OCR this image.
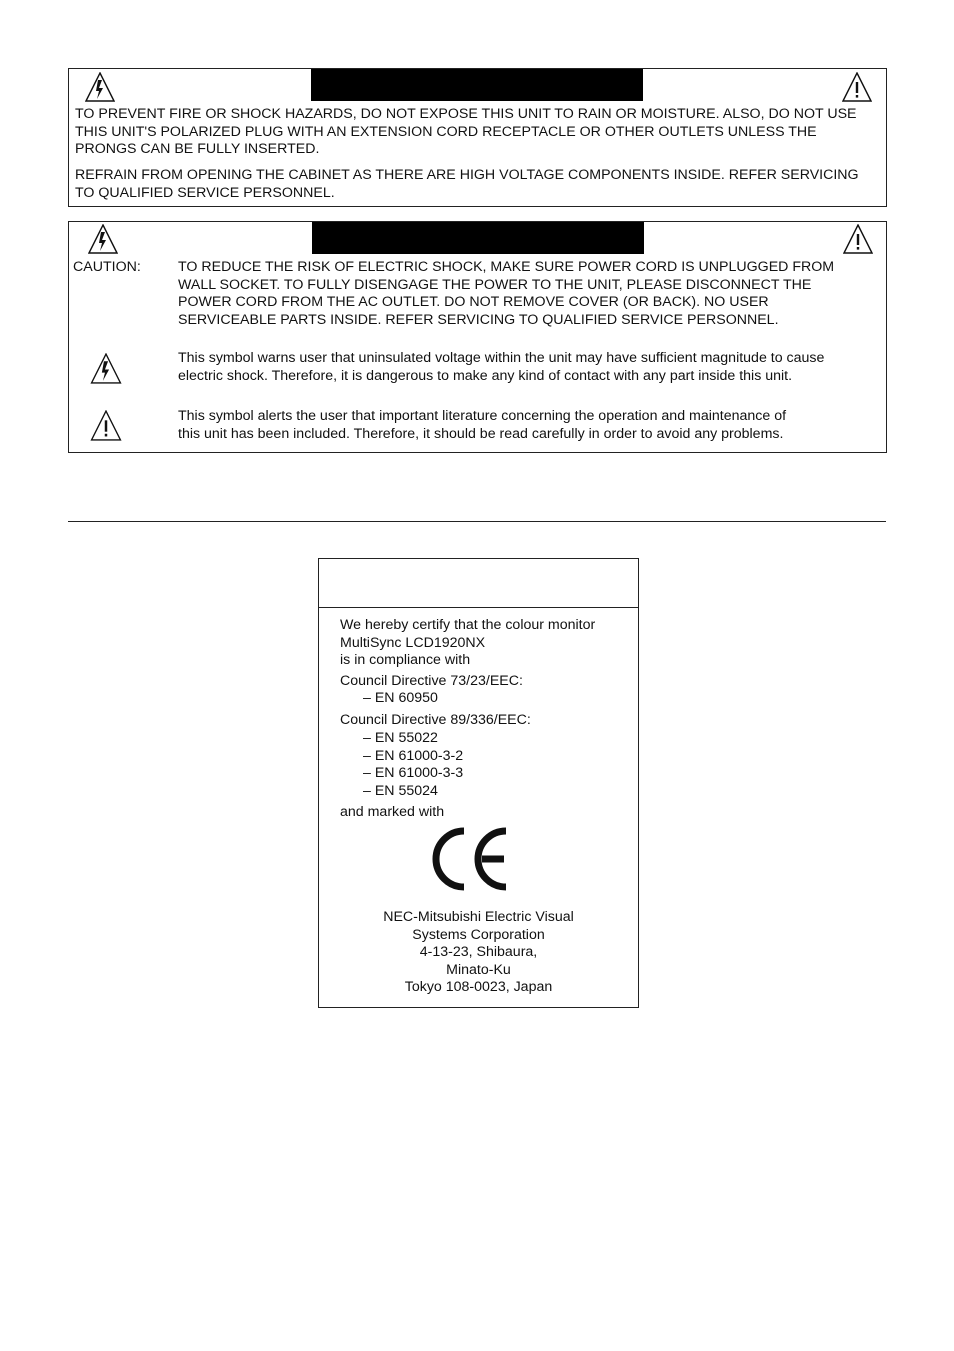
TO PREVENT FIRE OR SHOCK HAZARDS, DO NOT EXPOSE THIS UNIT TO RAIN OR MOISTURE. ALSO, DO NOT USE
THIS UNIT'S POLARIZED PLUG WITH AN EXTENSION CORD RECEPTACLE OR OTHER OUTLETS UNLESS THE
PRONGS CAN BE FULLY INSERTED.
REFRAIN FROM OPENING THE CABINET AS THERE ARE HIGH VOLTAGE COMPONENTS INSIDE. REFER SERVICING
TO QUALIFIED SERVICE PERSONNEL.
CAUTION:	TO REDUCE THE RISK OF ELECTRIC SHOCK, MAKE SURE POWER CORD IS UNPLUGGED FROM
WALL SOCKET. TO FULLY DISENGAGE THE POWER TO THE UNIT, PLEASE DISCONNECT THE
POWER CORD FROM THE AC OUTLET. DO NOT REMOVE COVER (OR BACK). NO USER
SERVICEABLE PARTS INSIDE. REFER SERVICING TO QUALIFIED SERVICE PERSONNEL.
This symbol warns user that uninsulated voltage within the unit may have sufficient magnitude to cause
electric shock. Therefore, it is dangerous to make any kind of contact with any part inside this unit.
This symbol alerts the user that important literature concerning the operation and maintenance of
this unit has been included. Therefore, it should be read carefully in order to avoid any problems.
We hereby certify that the colour monitor
MultiSync LCD1920NX
is in compliance with
Council Directive 73/23/EEC:
– EN 60950
Council Directive 89/336/EEC:
– EN 55022
– EN 61000-3-2
– EN 61000-3-3
– EN 55024
and marked with
NEC-Mitsubishi Electric Visual
Systems Corporation
4-13-23, Shibaura,
Minato-Ku
Tokyo 108-0023, Japan
